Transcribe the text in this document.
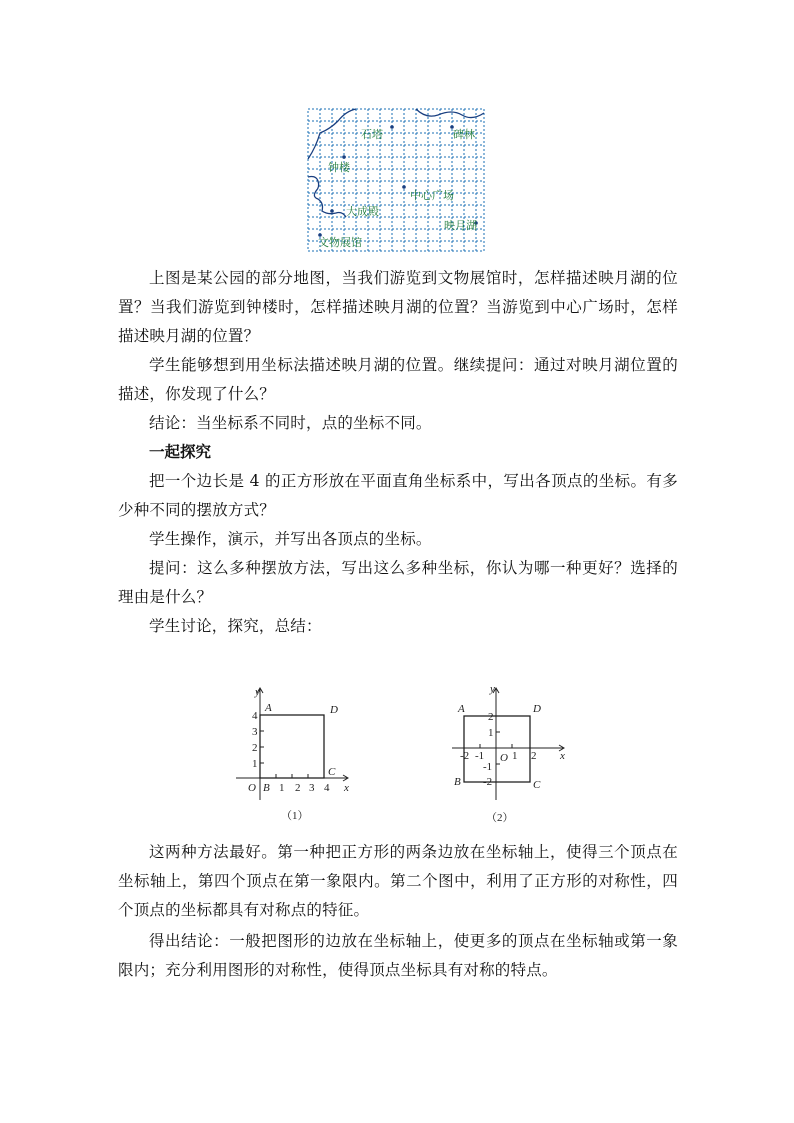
石塔	碑林
钟楼
中心广场
大成殿
映月湖
文物展馆

上图是某公园的部分地图，当我们游览到文物展馆时，怎样描述映月湖的位置？当我们游览到钟楼时，怎样描述映月湖的位置？当游览到中心广场时，怎样描述映月湖的位置？

学生能够想到用坐标法描述映月湖的位置。继续提问：通过对映月湖位置的描述，你发现了什么？

结论：当坐标系不同时，点的坐标不同。

一起探究

把一个边长是 4 的正方形放在平面直角坐标系中，写出各顶点的坐标。有多少种不同的摆放方式？

学生操作，演示，并写出各顶点的坐标。

提问：这么多种摆放方法，写出这么多种坐标，你认为哪一种更好？选择的理由是什么？

学生讨论，探究，总结：

y
x
O B
A	D
C
1 2 3 4
1
2
3
4
（1）
y
x
O
A	D
B	C
-2 -1	1 2
2
1
-1
-2
（2）

这两种方法最好。第一种把正方形的两条边放在坐标轴上，使得三个顶点在坐标轴上，第四个顶点在第一象限内。第二个图中，利用了正方形的对称性，四个顶点的坐标都具有对称点的特征。

得出结论：一般把图形的边放在坐标轴上，使更多的顶点在坐标轴或第一象限内；充分利用图形的对称性，使得顶点坐标具有对称的特点。
